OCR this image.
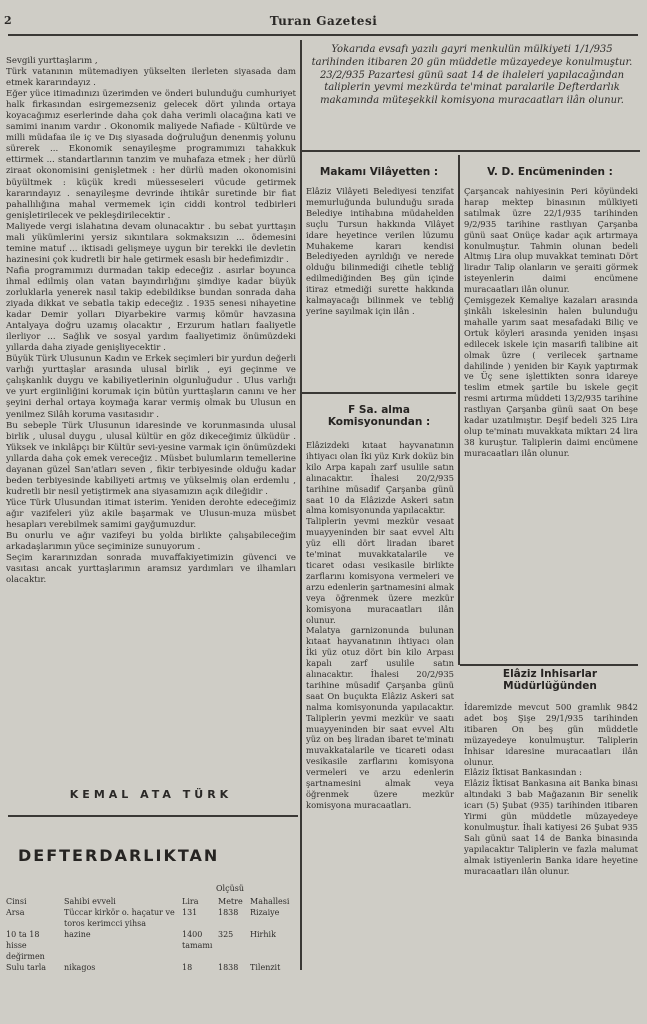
2	Turan Gazetesi
Sevgili yurttaşlarım ,
Türk vatanının mütemadiyen yükselten ilerleten siyasada dam etmek kararındayız .
Eğer yüce itimadınızı üzerimden ve önderi bulunduğu cumhuriyet halk firkasından esirgemezseniz gelecek dört yılında ortaya koyacağımız eserlerinde daha çok daha verimli olacağına kati ve samimi inanım vardır . Okonomik maliyede Nafiade - Kültürde ve milli müdafaa ile iç ve Dış siyasada doğruluğun denenmiş yolunu sürerek ... Ekonomik senayileşme programımızı tahakkuk ettirmek ... standartlarının tanzim ve muhafaza etmek ; her dürlü ziraat okonomisini genişletmek : her dürlü maden okonomisini büyültmek : küçük kredi müesseseleri vücude getirmek kararındayız . senayileşme devrinde ihtikâr suretinde bir fiat pahallılığına mahal vermemek için ciddi kontrol tedbirleri genişletirilecek ve pekleşdirilecektir .
Maliyede vergi islahatına devam olunacaktır . bu sebat yurttaşın mali yükümlerini yersiz sıkıntılara sokmaksızın ... ödemesini temine matuf ... iktisadi gelişmeye uygun bir terekki ile devletin hazinesini çok kudretli bir hale getirmek esaslı bir hedefimizdir .
Nafia programımızı durmadan takip edeceğiz . asırlar boyunca ihmal edilmiş olan vatan bayındırlığını şimdiye kadar büyük zorluklarla yenerek nasıl takip edebildikse bundan sonrada daha ziyada dikkat ve sebatla takip edeceğiz . 1935 senesi nihayetine kadar Demir yolları Diyarbekire varmış kömür havzasına Antalyaya doğru uzamış olacaktır , Erzurum hatları faaliyetle ilerliyor ... Sağlık ve sosyal yardım faaliyetimiz önümüzdeki yıllarda daha ziyade genişliyecektir .
Büyük Türk Ulusunun Kadın ve Erkek seçimleri bir yurdun değerli varlığı yurttaşlar arasında ulusal birlik , eyi geçinme ve çalışkanlık duygu ve kabiliyetlerinin olgunluğudur . Ulus varlığı ve yurt ergiinliğini korumak için bütün yurttaşların canını ve her şeyini derhal ortaya koymağa karar vermiş olmak bu Ulusun en yenilmez Silâh koruma vasıtasıdır .
Bu sebeple Türk Ulusunun idaresinde ve korunmasında ulusal birlik , ulusal duygu , ulusal kültür en göz dikeceğimiz ülküdür . Yüksek ve inkılâpçı bir Kültür sevi-yesine varmak için önümüzdeki yıllarda daha çok emek vereceğiz . Müsbet bulumların temellerine dayanan güzel San'atları seven , fikir terbiyesinde olduğu kadar beden terbiyesinde kabiliyeti artmış ve yükselmiş olan erdemlu , kudretli bir nesil yetiştirmek ana siyasamızın açık dileğidir .
Yüce Türk Ulusundan itimat isterim. Yeniden derohte edeceğimiz ağır vazifeleri yüz akile başarmak ve Ulusun-muza müsbet hesapları verebilmek samimi gayğumuzdur.
Bu onurlu ve ağır vazifeyi bu yolda birlikte çalışabileceğim arkadaşlarımın yüce seçiminize sunuyorum .
Seçim kararınızdan sonrada muvaffakiyetimizin güvenci ve vasıtası ancak yurttaşlarımın aramsız yardımları ve ilhamları olacaktır.
KEMAL ATA TÜRK
DEFTERDARLIKTAN
Ölçüsü
Cinsi	Sahibi evveli	Lira	Metre	Mahallesi
Arsa	Tüccar kirkör o. haçatur ve toros kerimcci yihsa	131	1838	Rizaiye
10 ta 18 hisse değirmen	hazine	1400 tamamı	325	Hirhik
Sulu tarla	nikagos	18	1838	Tilenzit
Yokarıda evsafı yazılı gayri menkulün mülkiyeti 1/1/935 tarihinden itibaren 20 gün müddetle müzayedeye konulmuştur. 23/2/935 Pazartesi günü saat 14 de ihaleleri yapılacağından taliplerin yevmi mezkürda te'minat paralarile Defterdarlık makamında müteşekkil komisyona muracaatları ilân olunur.
Makamı Vilâyetten :
Elâziz Vilâyeti Belediyesi tenzifat memurluğunda bulunduğu sırada Belediye intihabına müdahelden suçlu Tursun hakkında Vilâyet idare heyetince verilen lüzumu Muhakeme kararı kendisi Belediyeden ayrıldığı ve nerede olduğu bilinmediği cihetle tebliğ edilmediğinden Beş gün içinde itiraz etmediği surette hakkında kalmayacağı bilinmek ve tebliğ yerine sayılmak için ilân .
F Sa. alma Komisyonundan :
Elâzizdeki kıtaat hayvanatının ihtiyacı olan İki yüz Kırk doküz bin kilo Arpa kapalı zarf usulile satın alınacaktır. İhalesi 20/2/935 tarihine müsadif Çarşanba günü saat 10 da Elâzizde Askeri satın alma komisyonunda yapılacaktır.
Taliplerin yevmi mezkür vesaat muayyeninden bir saat evvel Altı yüz elli dört liradan ibaret te'minat muvakkatalarile ve ticaret odası vesikasile birlikte zarflarını komisyona vermeleri ve arzu edenlerin şartnamesini almak veya öğrenmek üzere mezkür komisyona muracaatları ilân olunur.
Malatya garnizonunda bulunan kıtaat hayvanatının ihtiyacı olan İki yüz otuz dört bin kilo Arpası kapalı zarf usulile satın alınacaktır. İhalesi 20/2/935 tarihine müsadif Çarşanba günü saat On buçukta Elâziz Askeri sat nalma komisyonunda yapılacaktır. Taliplerin yevmi mezkür ve saatı muayyeninden bir saat evvel Altı yüz on beş liradan ibaret te'minatı muvakkatalarile ve ticareti odası vesikasile zarflarını komisyona vermeleri ve arzu edenlerin şartnamesini almak veya öğrenmek üzere mezkür komisyona muracaatları.
V. D. Encümeninden :
Çarşancak nahiyesinin Peri köyündeki harap mektep binasının mülkiyeti satılmak üzre 22/1/935 tarihinden 9/2/935 tarihine rastlıyan Çarşanba günü saat Onüçe kadar açık artırmaya konulmuştur. Tahmin olunan bedeli Altmış Lira olup muvakkat teminatı Dört liradır Talip olanların ve şeraiti görmek isteyenlerin daimi encümene muracaatları ilân olunur.
Çemişgezek Kemaliye kazaları arasında şinkâlı iskelesinin halen bulunduğu mahalle yarım saat mesafadaki Biliç ve Ortuk köyleri arasında yeniden inşası edilecek iskele için masarifi talibine ait olmak üzre ( verilecek şartname dahilinde ) yeniden bir Kayık yaptırmak ve Üç sene işlettikten sonra idareye teslim etmek şartile bu iskele geçit resmi artırma müddeti 13/2/935 tarihine rastlıyan Çarşanba günü saat On beşe kadar uzatılmıştır. Deşif bedeli 325 Lira olup te'minatı muvakkata miktarı 24 lira 38 kuruştur. Taliplerin daimi encümene muracaatları ilân olunur.
Elâziz İnhisarlar Müdürlüğünden
İdaremizde mevcut 500 gramlık 9842 adet boş Şişe 29/1/935 tarihinden itibaren On beş gün müddetle müzayedeye konulmuştur. Taliplerin İnhisar idaresine muracaatları ilân olunur.
Elâziz İktisat Bankasından :
Elâziz İktisat Bankasına ait Banka binası altındaki 3 bab Mağazanın Bir senelik icarı (5) Şubat (935) tarihinden itibaren Yirmi gün müddetle müzayedeye konulmuştur. İhali katiyesi 26 Şubat 935 Salı günü saat 14 de Banka binasında yapılacaktır Taliplerin ve fazla malumat almak istiyenlerin Banka idare heyetine muracaatları ilân olunur.
